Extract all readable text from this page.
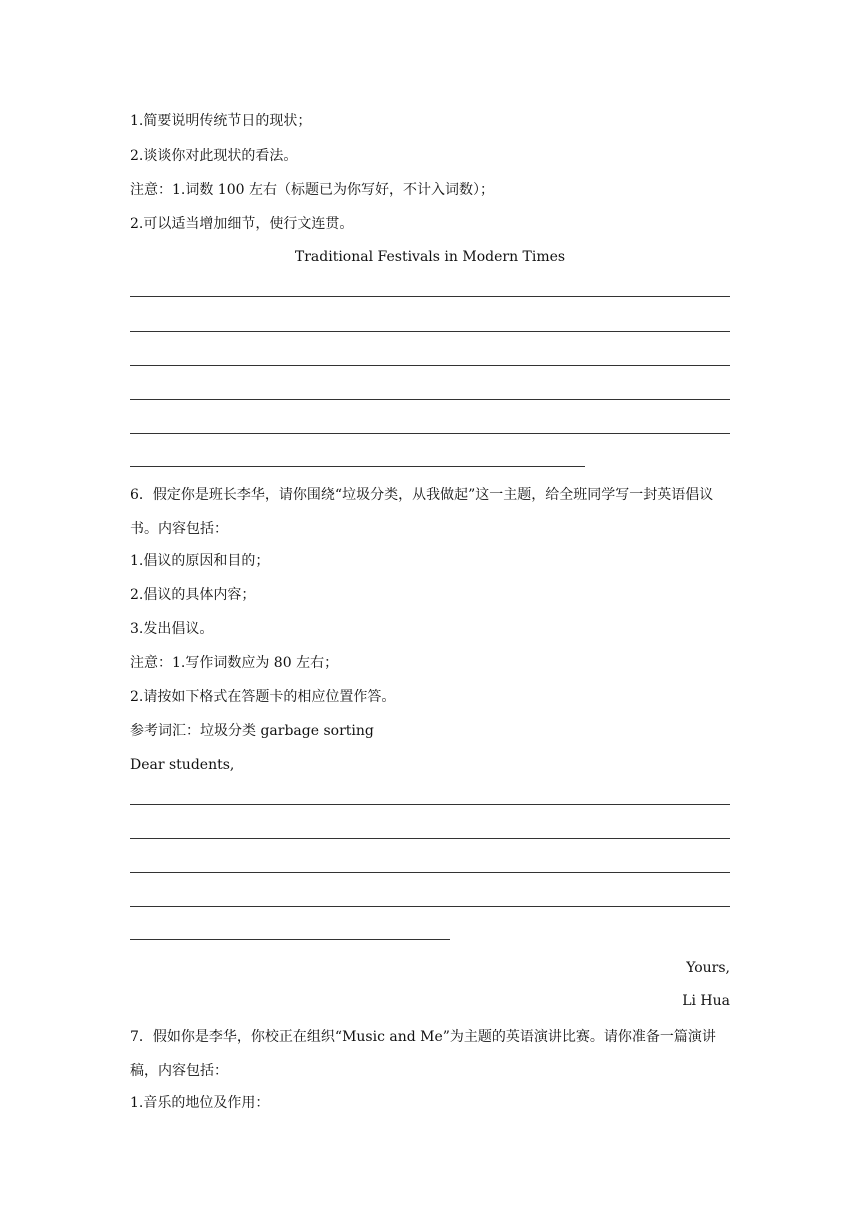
1.简要说明传统节日的现状；
2.谈谈你对此现状的看法。
注意：1.词数 100 左右（标题已为你写好，不计入词数）；
2.可以适当增加细节，使行文连贯。
Traditional Festivals in Modern Times
6．假定你是班长李华，请你围绕“垃圾分类，从我做起”这一主题，给全班同学写一封英语倡议书。内容包括：
1.倡议的原因和目的；
2.倡议的具体内容；
3.发出倡议。
注意：1.写作词数应为 80 左右；
2.请按如下格式在答题卡的相应位置作答。
参考词汇：垃圾分类 garbage sorting
Dear students,
Yours,
Li Hua
7．假如你是李华，你校正在组织“Music and Me”为主题的英语演讲比赛。请你准备一篇演讲稿，内容包括：
1.音乐的地位及作用：
